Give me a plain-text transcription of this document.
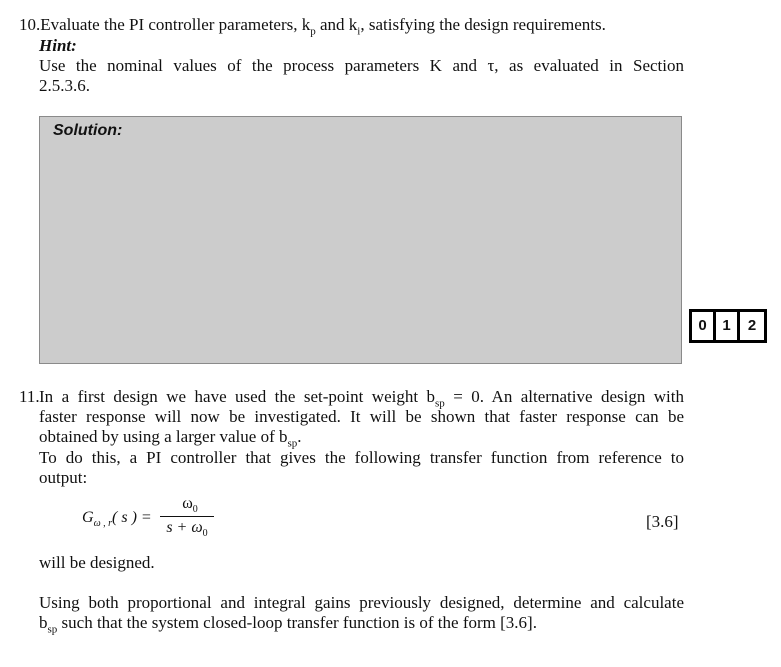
10.Evaluate the PI controller parameters, $k_p$ and $k_i$, satisfying the design requirements.
Hint:
Use the nominal values of the process parameters K and τ, as evaluated in Section
2.5.3.6.
Solution:
0	1	2
11. In a first design we have used the set-point weight $b_{sp} = 0$. An alternative design with
faster response will now be investigated. It will be shown that faster response can be
obtained by using a larger value of $b_{sp}$.
To do this, a PI controller that gives the following transfer function from reference to
output:
$G_{\omega , r}$( s ) =
$\omega_0$
$s + \omega_0$
[3.6]
will be designed.
Using both proportional and integral gains previously designed, determine and calculate
$b_{sp}$ such that the system closed-loop transfer function is of the form [3.6].
